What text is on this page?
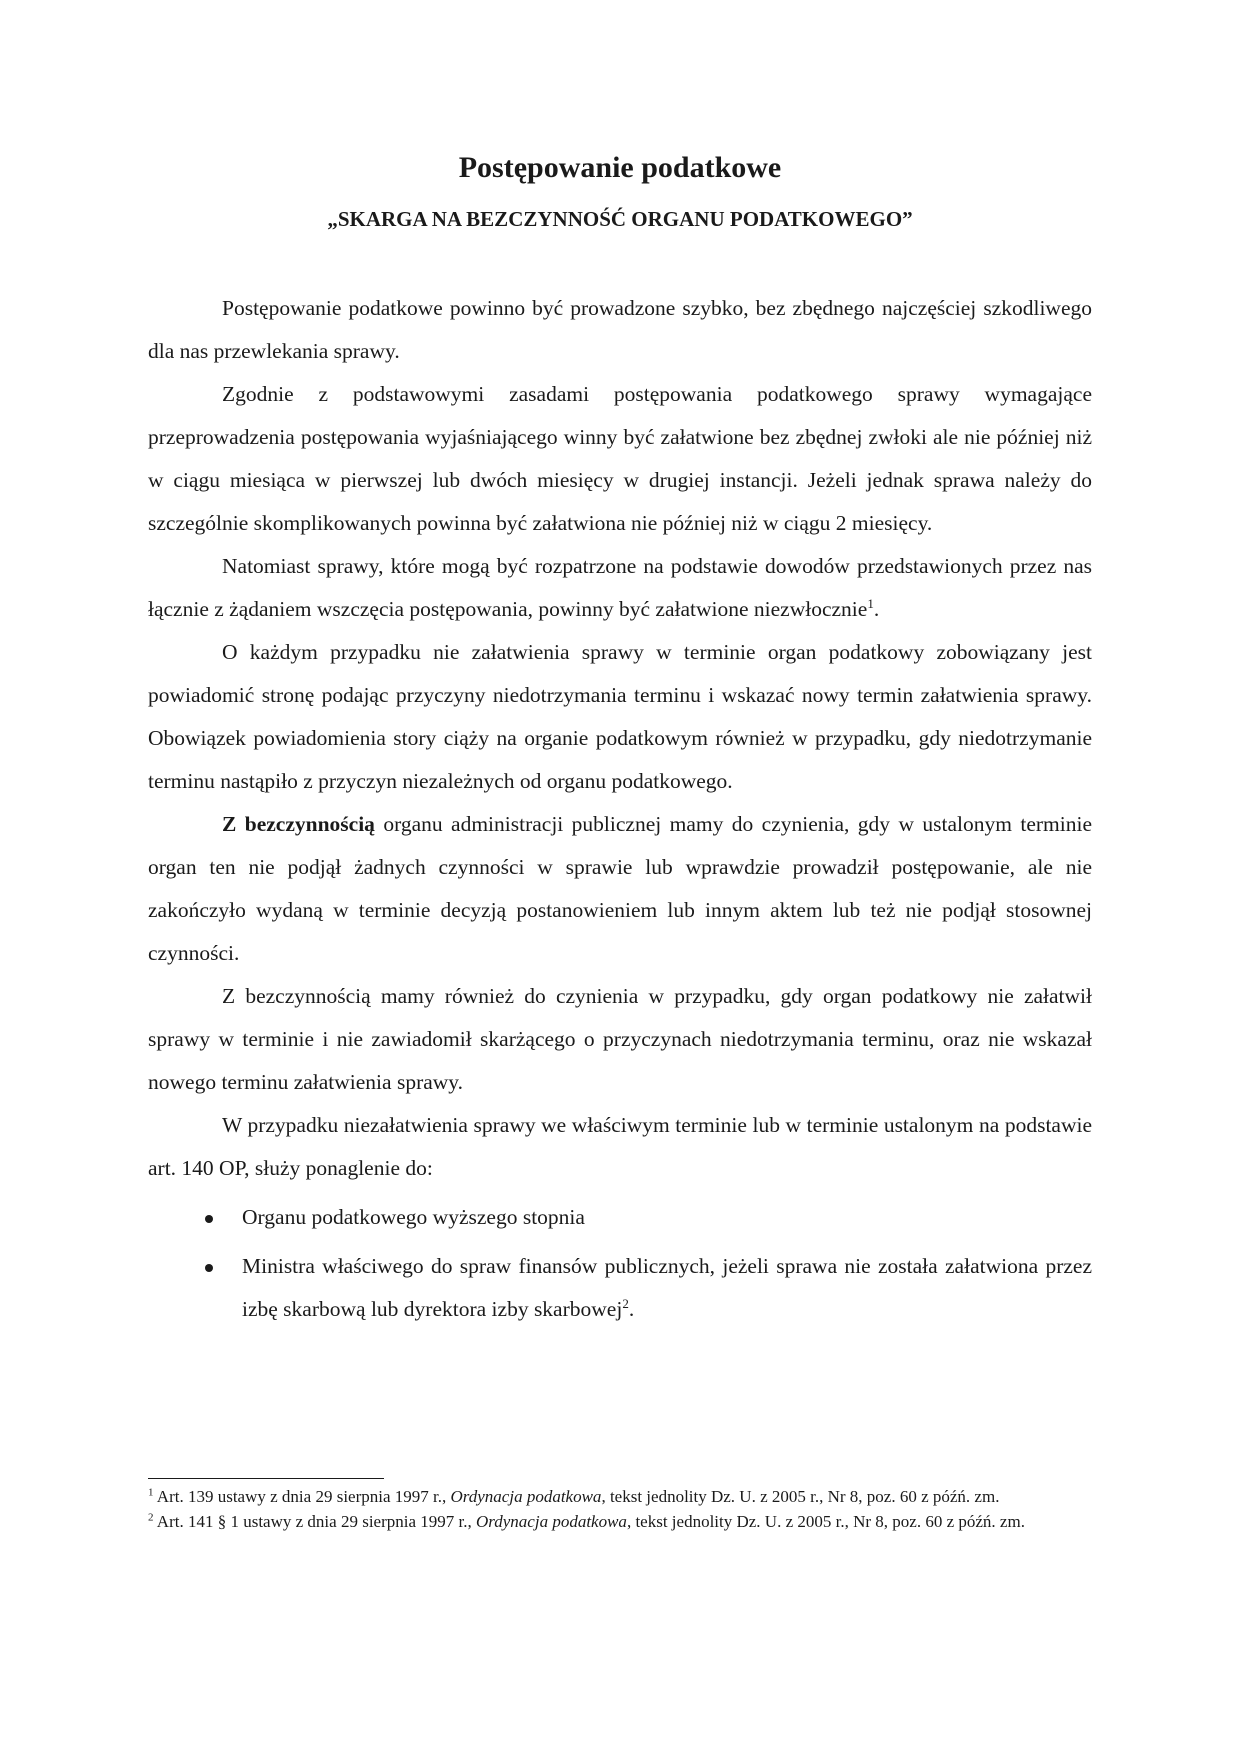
Postępowanie podatkowe
„SKARGA NA BEZCZYNNOŚĆ ORGANU PODATKOWEGO”

Postępowanie podatkowe powinno być prowadzone szybko, bez zbędnego najczęściej szkodliwego dla nas przewlekania sprawy.

Zgodnie z podstawowymi zasadami postępowania podatkowego sprawy wymagające przeprowadzenia postępowania wyjaśniającego winny być załatwione bez zbędnej zwłoki ale nie później niż w ciągu miesiąca w pierwszej lub dwóch miesięcy w drugiej instancji. Jeżeli jednak sprawa należy do szczególnie skomplikowanych powinna być załatwiona nie później niż w ciągu 2 miesięcy.

Natomiast sprawy, które mogą być rozpatrzone na podstawie dowodów przedstawionych przez nas łącznie z żądaniem wszczęcia postępowania, powinny być załatwione niezwłocznie$^1$.

O każdym przypadku nie załatwienia sprawy w terminie organ podatkowy zobowiązany jest powiadomić stronę podając przyczyny niedotrzymania terminu i wskazać nowy termin załatwienia sprawy. Obowiązek powiadomienia story ciąży na organie podatkowym również w przypadku, gdy niedotrzymanie terminu nastąpiło z przyczyn niezależnych od organu podatkowego.

Z bezczynnością organu administracji publicznej mamy do czynienia, gdy w ustalonym terminie organ ten nie podjął żadnych czynności w sprawie lub wprawdzie prowadził postępowanie, ale nie zakończyło wydaną w terminie decyzją postanowieniem lub innym aktem lub też nie podjął stosownej czynności.

Z bezczynnością mamy również do czynienia w przypadku, gdy organ podatkowy nie załatwił sprawy w terminie i nie zawiadomił skarżącego o przyczynach niedotrzymania terminu, oraz nie wskazał nowego terminu załatwienia sprawy.

W przypadku niezałatwienia sprawy we właściwym terminie lub w terminie ustalonym na podstawie art. 140 OP, służy ponaglenie do:

Organu podatkowego wyższego stopnia
Ministra właściwego do spraw finansów publicznych, jeżeli sprawa nie została załatwiona przez izbę skarbową lub dyrektora izby skarbowej$^2$.

$^1$ Art. 139 ustawy z dnia 29 sierpnia 1997 r., Ordynacja podatkowa, tekst jednolity Dz. U. z 2005 r., Nr 8, poz. 60 z późń. zm.

$^2$ Art. 141 § 1 ustawy z dnia 29 sierpnia 1997 r., Ordynacja podatkowa, tekst jednolity Dz. U. z 2005 r., Nr 8, poz. 60 z późń. zm.
